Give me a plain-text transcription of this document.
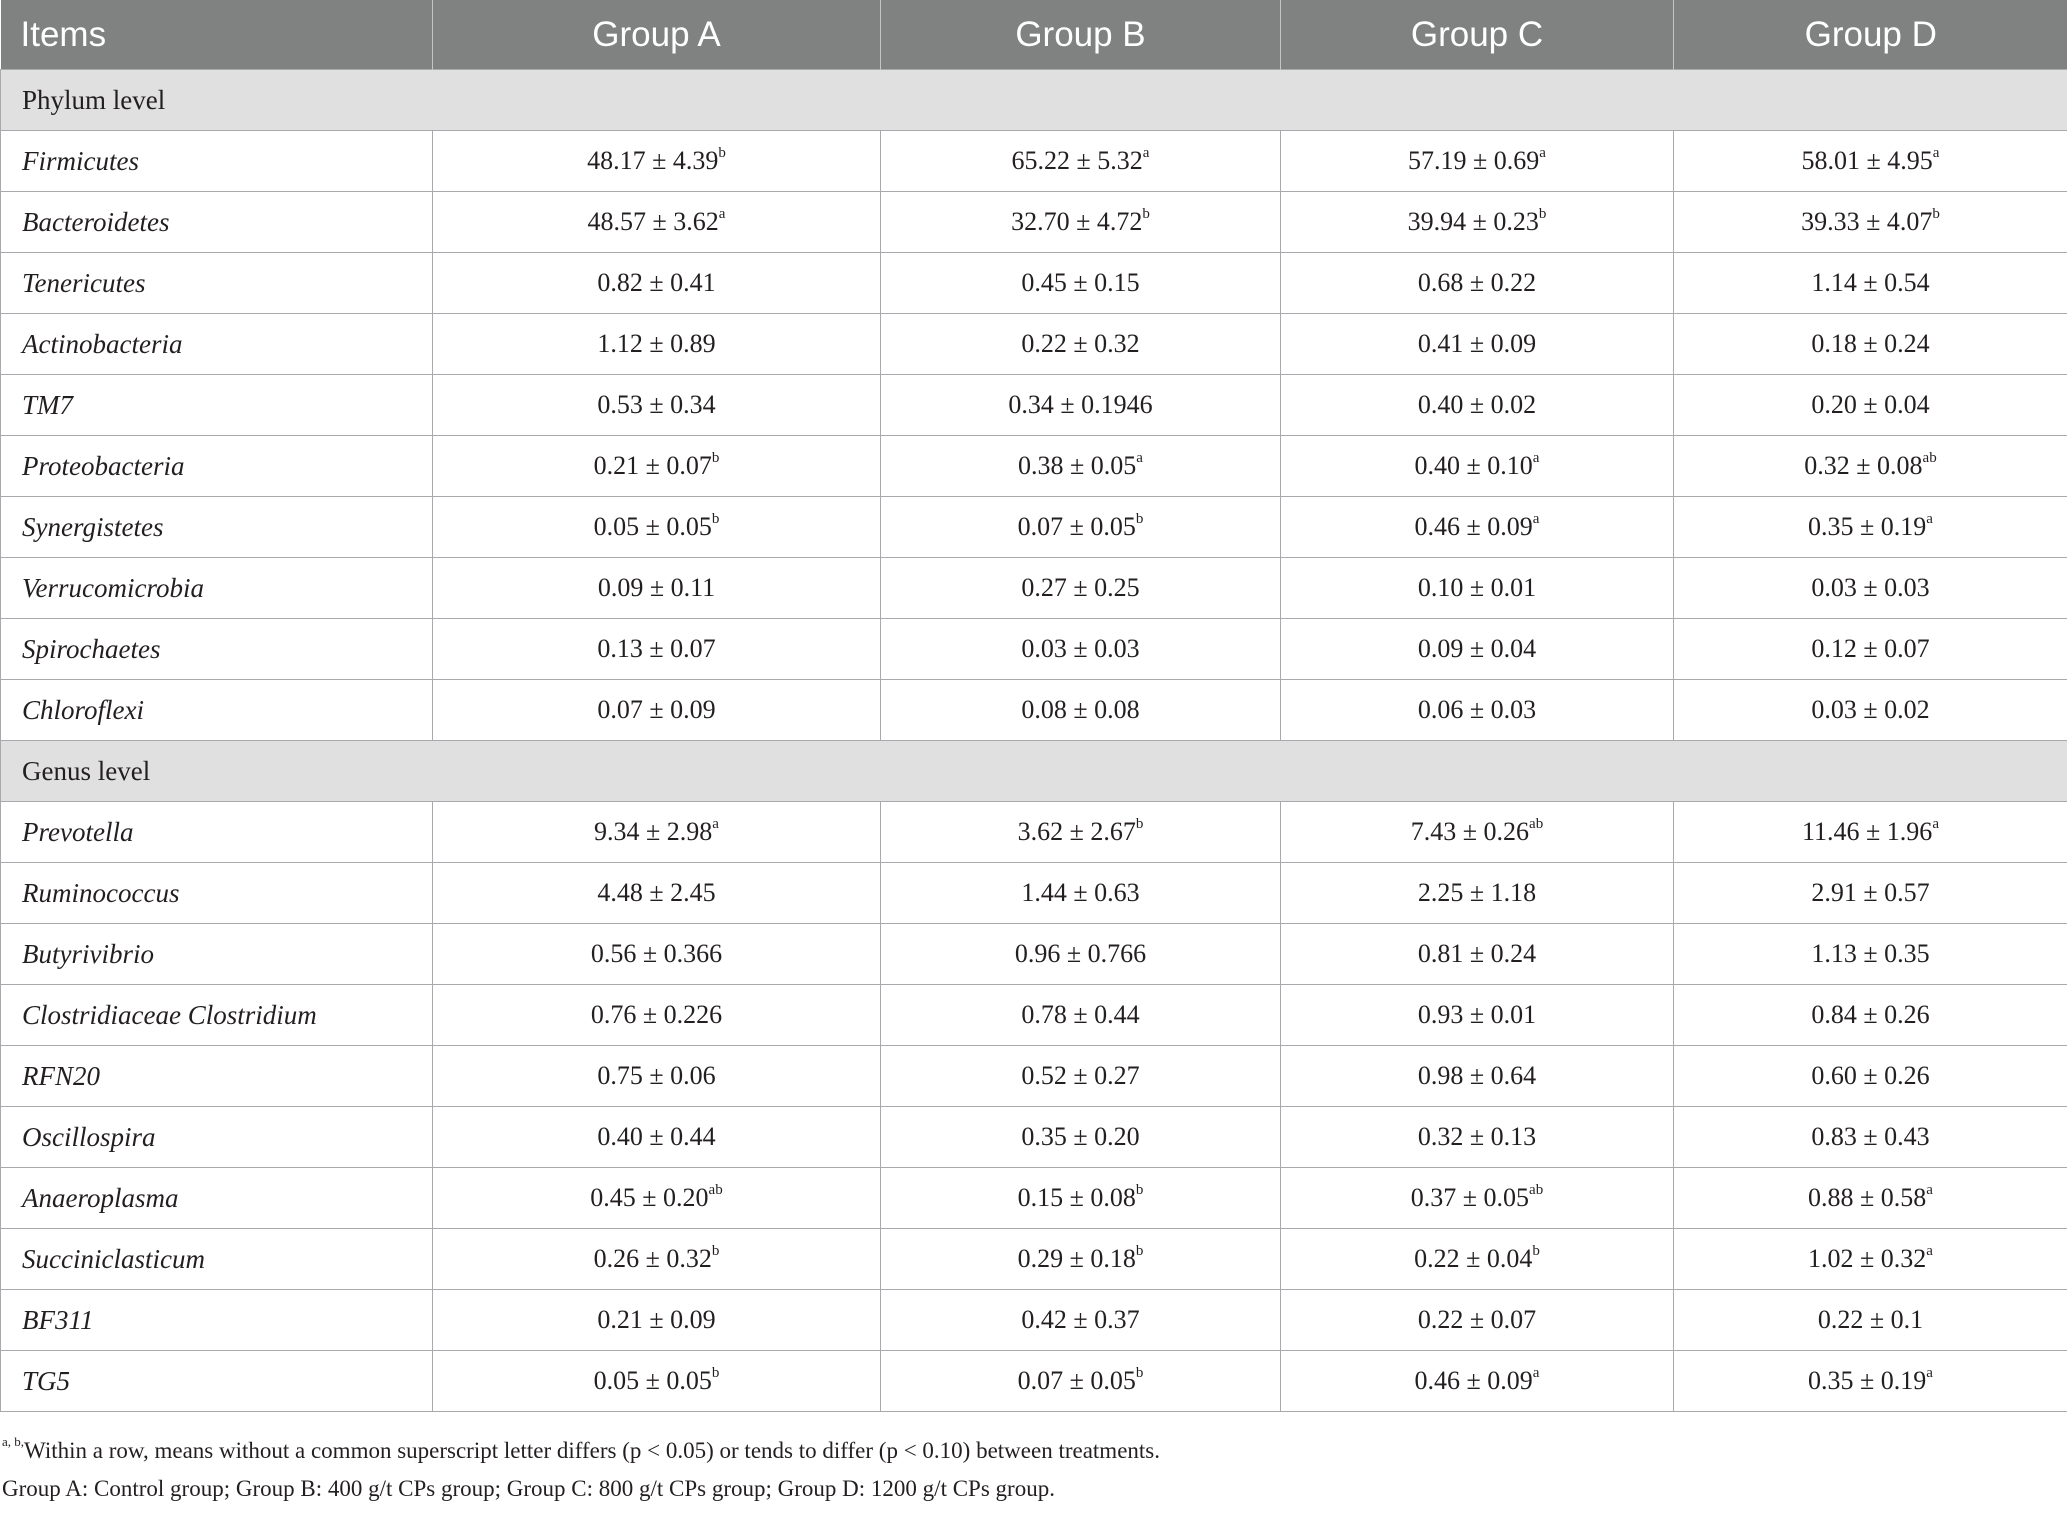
Items	Group A	Group B	Group C	Group D
Phylum level				
Firmicutes	48.17 ± 4.39$^b$	65.22 ± 5.32$^a$	57.19 ± 0.69$^a$	58.01 ± 4.95$^a$
Bacteroidetes	48.57 ± 3.62$^a$	32.70 ± 4.72$^b$	39.94 ± 0.23$^b$	39.33 ± 4.07$^b$
Tenericutes	0.82 ± 0.41	0.45 ± 0.15	0.68 ± 0.22	1.14 ± 0.54
Actinobacteria	1.12 ± 0.89	0.22 ± 0.32	0.41 ± 0.09	0.18 ± 0.24
TM7	0.53 ± 0.34	0.34 ± 0.1946	0.40 ± 0.02	0.20 ± 0.04
Proteobacteria	0.21 ± 0.07$^b$	0.38 ± 0.05$^a$	0.40 ± 0.10$^a$	0.32 ± 0.08$^{ab}$
Synergistetes	0.05 ± 0.05$^b$	0.07 ± 0.05$^b$	0.46 ± 0.09$^a$	0.35 ± 0.19$^a$
Verrucomicrobia	0.09 ± 0.11	0.27 ± 0.25	0.10 ± 0.01	0.03 ± 0.03
Spirochaetes	0.13 ± 0.07	0.03 ± 0.03	0.09 ± 0.04	0.12 ± 0.07
Chloroflexi	0.07 ± 0.09	0.08 ± 0.08	0.06 ± 0.03	0.03 ± 0.02
Genus level				
Prevotella	9.34 ± 2.98$^a$	3.62 ± 2.67$^b$	7.43 ± 0.26$^{ab}$	11.46 ± 1.96$^a$
Ruminococcus	4.48 ± 2.45	1.44 ± 0.63	2.25 ± 1.18	2.91 ± 0.57
Butyrivibrio	0.56 ± 0.366	0.96 ± 0.766	0.81 ± 0.24	1.13 ± 0.35
Clostridiaceae Clostridium	0.76 ± 0.226	0.78 ± 0.44	0.93 ± 0.01	0.84 ± 0.26
RFN20	0.75 ± 0.06	0.52 ± 0.27	0.98 ± 0.64	0.60 ± 0.26
Oscillospira	0.40 ± 0.44	0.35 ± 0.20	0.32 ± 0.13	0.83 ± 0.43
Anaeroplasma	0.45 ± 0.20$^{ab}$	0.15 ± 0.08$^b$	0.37 ± 0.05$^{ab}$	0.88 ± 0.58$^a$
Succiniclasticum	0.26 ± 0.32$^b$	0.29 ± 0.18$^b$	0.22 ± 0.04$^b$	1.02 ± 0.32$^a$
BF311	0.21 ± 0.09	0.42 ± 0.37	0.22 ± 0.07	0.22 ± 0.1
TG5	0.05 ± 0.05$^b$	0.07 ± 0.05$^b$	0.46 ± 0.09$^a$	0.35 ± 0.19$^a$

$^{a, b,}$Within a row, means without a common superscript letter differs (p < 0.05) or tends to differ (p < 0.10) between treatments.

Group A: Control group; Group B: 400 g/t CPs group; Group C: 800 g/t CPs group; Group D: 1200 g/t CPs group.
